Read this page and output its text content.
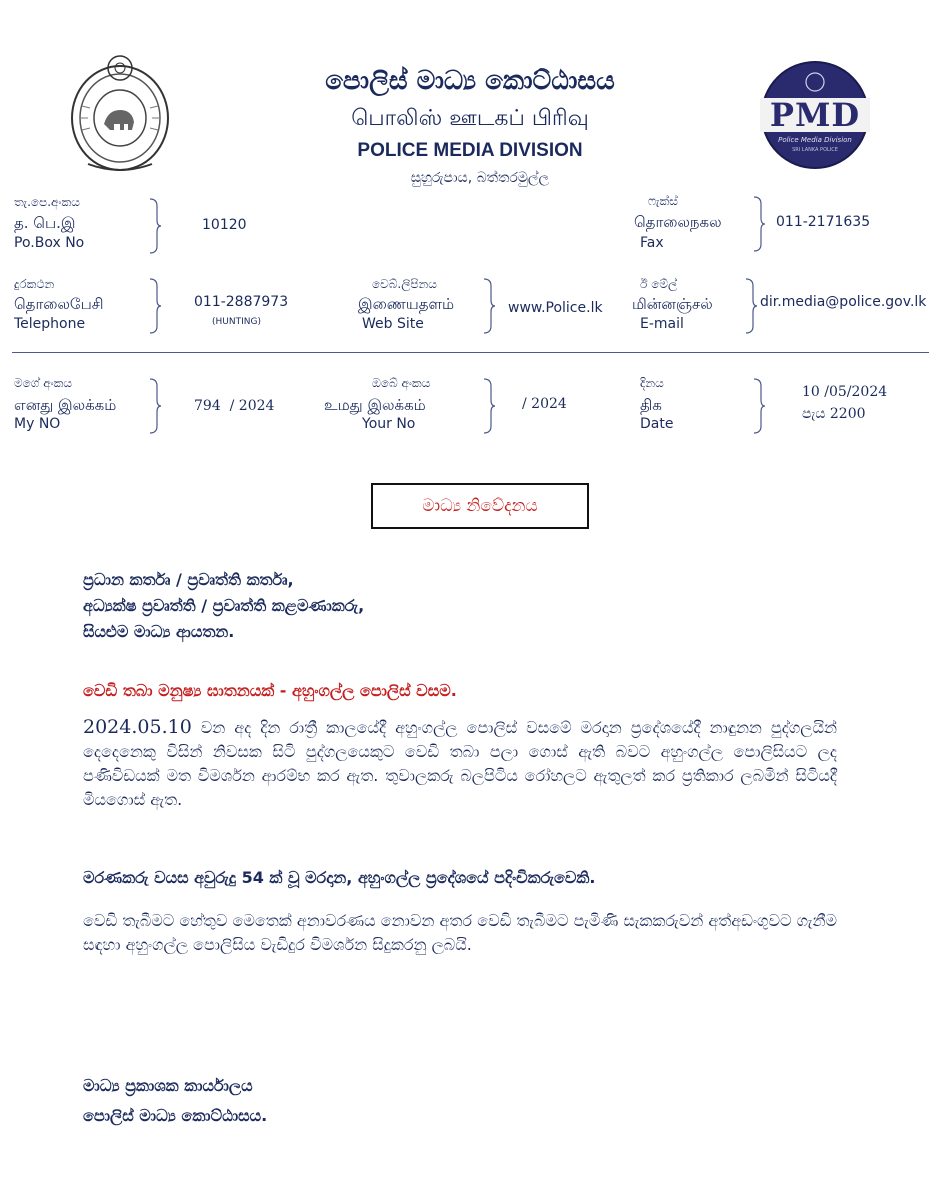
පොලිස් මාධ්‍ය කොට්ඨාසය
பொலிஸ் ஊடகப் பிரிவு
POLICE MEDIA DIVISION
සුහුරුපාය, බත්තරමුල්ල
PMD
Police Media Division
SRI LANKA POLICE
තැ.පෙ.අංකය
த. பெ.இ
Po.Box No
10120
ෆැක්ස්
தொலைநகல
Fax
011-2171635
දුරකථන
தொலைபேசி
Telephone
011-2887973
(HUNTING)
වෙබ්.ලිපිනය
இணையதளம்
Web Site
www.Police.lk
ඊ මේල්
மின்னஞ்சல்
E-mail
dir.media@police.gov.lk
මගේ අංකය
எனது இலக்கம்
My NO
794  / 2024
ඔබේ අංකය
உமது இலக்கம்
Your No
/ 2024
දිනය
திக
Date
10 /05/2024
පැය 2200
මාධ්‍ය නිවේදනය
ප්‍රධාන කර්තෘ / ප්‍රවෘත්ති කර්තෘ,
අධ්‍යක්ෂ ප්‍රවෘත්ති / ප්‍රවෘත්ති කළමණාකරු,
සියළුම මාධ්‍ය ආයතන.
වෙඩි තබා මනුෂ්‍ය ඝාතනයක් - අහුංගල්ල පොලිස් වසම.
2024.05.10 වන අද දින රාත්‍රී කාලයේදී අහුංගල්ල පොලිස් වසමේ මරදාන ප්‍රදේශයේදී නාඳුනන පුද්ගලයින් දෙදෙනෙකු විසින් නිවසක සිටි පුද්ගලයෙකුට වෙඩි තබා පලා ගොස් ඇති බවට අහුංගල්ල පොලිසියට ලද පණිවිඩයක් මත විමර්ශන ආරම්භ කර ඇත. තුවාලකරු බලපිටිය රෝහලට ඇතුලත් කර ප්‍රතිකාර ලබමින් සිටියදී මියගොස් ඇත.
මරණකරු වයස අවුරුදු 54 ක් වූ මරදාන, අහුංගල්ල ප්‍රදේශයේ පදිංචිකරුවෙකි.
වෙඩි තැබීමට හේතුව මෙතෙක් අනාවරණය නොවන අතර වෙඩි තැබීමට පැමිණි සැකකරුවන් අත්අඩංගුවට ගැනීම සඳහා අහුංගල්ල පොලිසිය වැඩිදුර විමර්ශන සිදුකරනු ලබයි.
මාධ්‍ය ප්‍රකාශක කාර්යාලය
පොලිස් මාධ්‍ය කොට්ඨාසය.
